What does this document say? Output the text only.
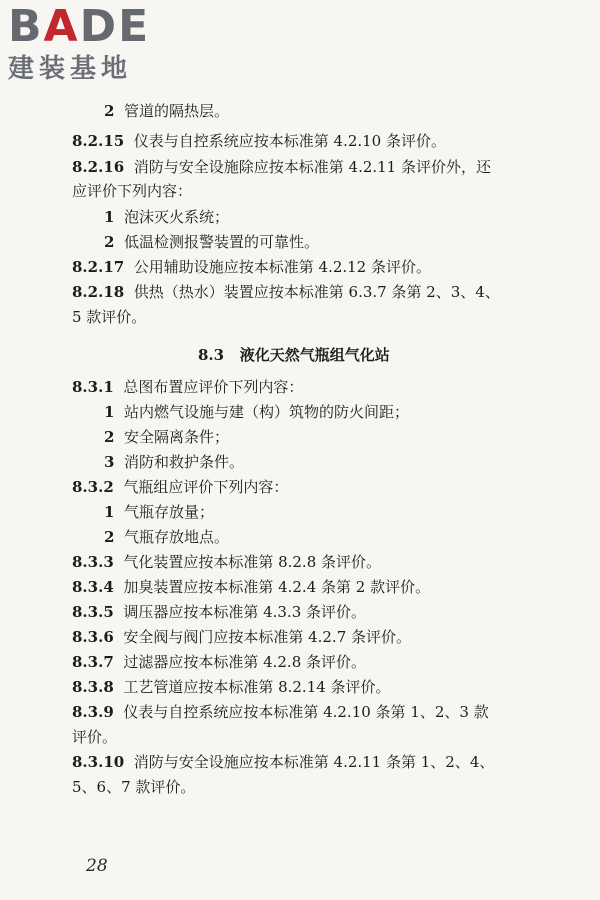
BADE
建装基地
2 管道的隔热层。
8.2.15 仪表与自控系统应按本标准第 4.2.10 条评价。
8.2.16 消防与安全设施除应按本标准第 4.2.11 条评价外，还
应评价下列内容：
1 泡沫灭火系统；
2 低温检测报警装置的可靠性。
8.2.17 公用辅助设施应按本标准第 4.2.12 条评价。
8.2.18 供热（热水）装置应按本标准第 6.3.7 条第 2、3、4、
5 款评价。
8.3 液化天然气瓶组气化站
8.3.1 总图布置应评价下列内容：
1 站内燃气设施与建（构）筑物的防火间距；
2 安全隔离条件；
3 消防和救护条件。
8.3.2 气瓶组应评价下列内容：
1 气瓶存放量；
2 气瓶存放地点。
8.3.3 气化装置应按本标准第 8.2.8 条评价。
8.3.4 加臭装置应按本标准第 4.2.4 条第 2 款评价。
8.3.5 调压器应按本标准第 4.3.3 条评价。
8.3.6 安全阀与阀门应按本标准第 4.2.7 条评价。
8.3.7 过滤器应按本标准第 4.2.8 条评价。
8.3.8 工艺管道应按本标准第 8.2.14 条评价。
8.3.9 仪表与自控系统应按本标准第 4.2.10 条第 1、2、3 款
评价。
8.3.10 消防与安全设施应按本标准第 4.2.11 条第 1、2、4、
5、6、7 款评价。
28
